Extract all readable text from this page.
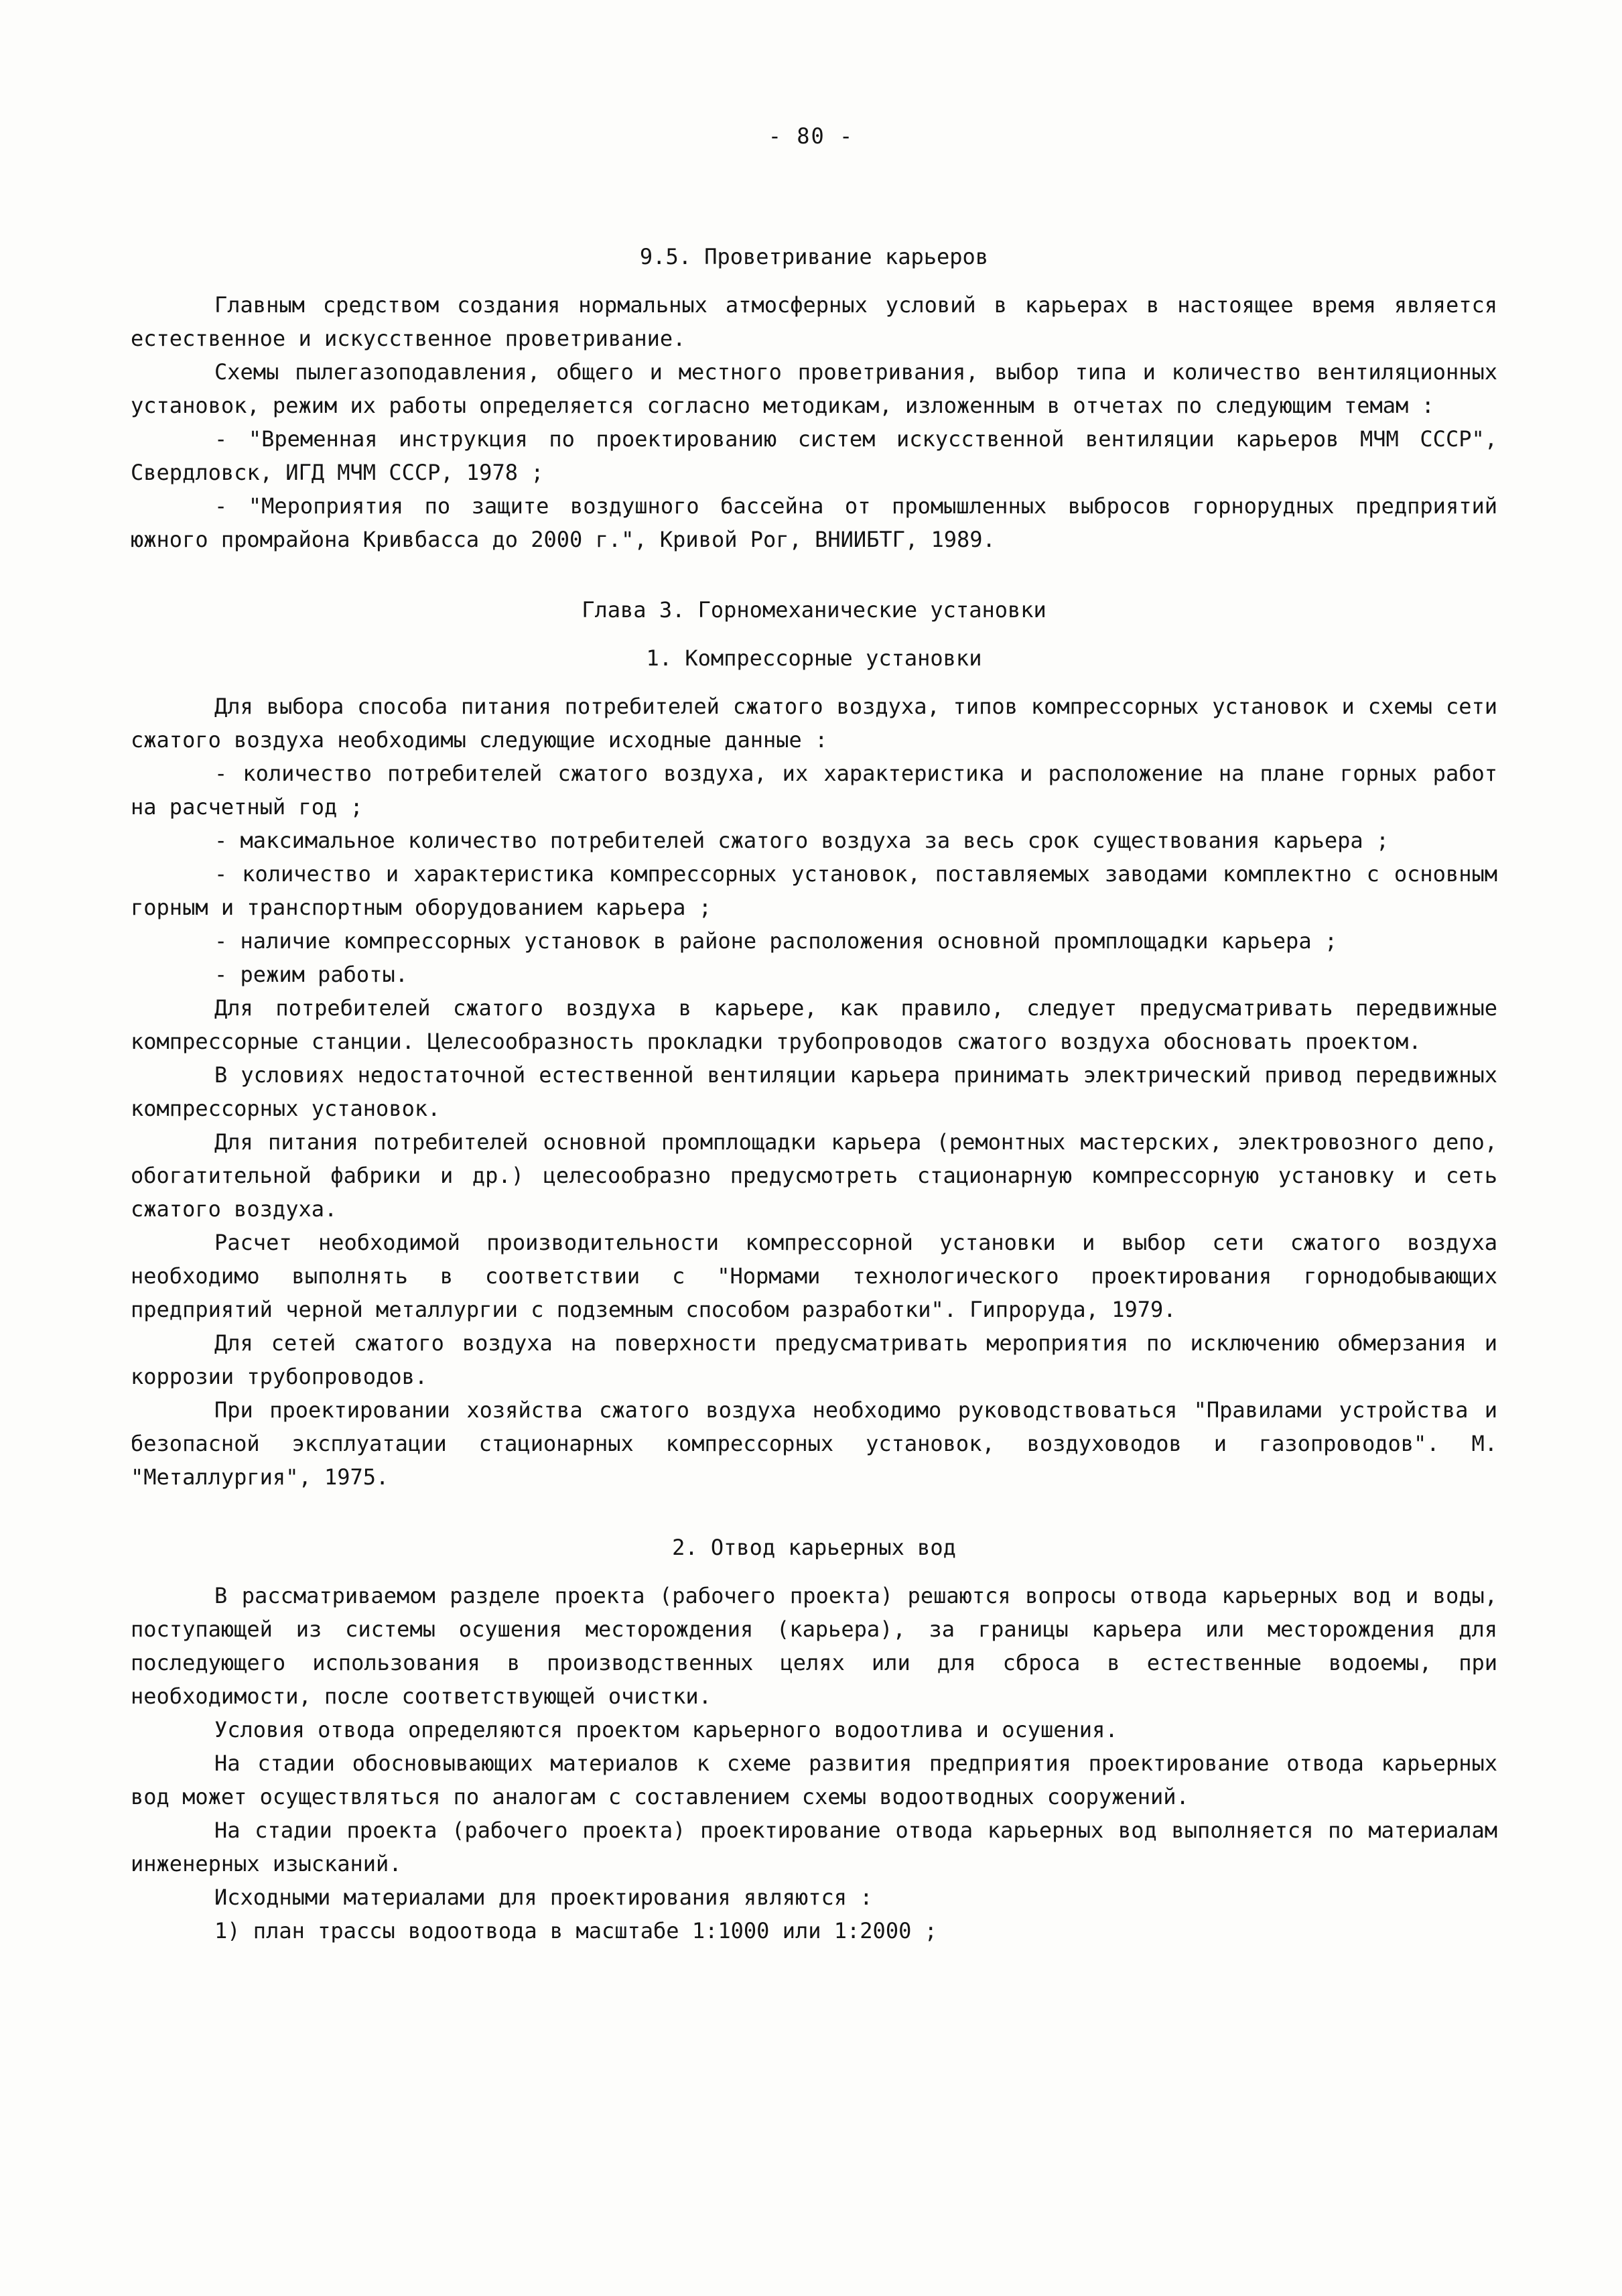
- 80 -
9.5. Проветривание карьеров
Главным средством создания нормальных атмосферных условий в карьерах в настоящее время является естественное и искусственное проветривание.
Схемы пылегазоподавления, общего и местного проветривания, выбор типа и количество вентиляционных установок, режим их работы определяется согласно методикам, изложенным в отчетах по следующим темам :
- "Временная инструкция по проектированию систем искусственной вентиляции карьеров МЧМ СССР", Свердловск, ИГД МЧМ СССР, 1978 ;
- "Мероприятия по защите воздушного бассейна от промышленных выбросов горнорудных предприятий южного промрайона Кривбасса до 2000 г.", Кривой Рог, ВНИИБТГ, 1989.
Глава 3. Горномеханические установки
1. Компрессорные установки
Для выбора способа питания потребителей сжатого воздуха, типов компрессорных установок и схемы сети сжатого воздуха необходимы следующие исходные данные :
- количество потребителей сжатого воздуха, их характеристика и расположение на плане горных работ на расчетный год ;
- максимальное количество потребителей сжатого воздуха за весь срок существования карьера ;
- количество и характеристика компрессорных установок, поставляемых заводами комплектно с основным горным и транспортным оборудованием карьера ;
- наличие компрессорных установок в районе расположения основной промплощадки карьера ;
- режим работы.
Для потребителей сжатого воздуха в карьере, как правило, следует предусматривать передвижные компрессорные станции. Целесообразность прокладки трубопроводов сжатого воздуха обосновать проектом.
В условиях недостаточной естественной вентиляции карьера принимать электрический привод передвижных компрессорных установок.
Для питания потребителей основной промплощадки карьера (ремонтных мастерских, электровозного депо, обогатительной фабрики и др.) целесообразно предусмотреть стационарную компрессорную установку и сеть сжатого воздуха.
Расчет необходимой производительности компрессорной установки и выбор сети сжатого воздуха необходимо выполнять в соответствии с "Нормами технологического проектирования горнодобывающих предприятий черной металлургии с подземным способом разработки". Гипроруда, 1979.
Для сетей сжатого воздуха на поверхности предусматривать мероприятия по исключению обмерзания и коррозии трубопроводов.
При проектировании хозяйства сжатого воздуха необходимо руководствоваться "Правилами устройства и безопасной эксплуатации стационарных компрессорных установок, воздуховодов и газопроводов". М. "Металлургия", 1975.
2. Отвод карьерных вод
В рассматриваемом разделе проекта (рабочего проекта) решаются вопросы отвода карьерных вод и воды, поступающей из системы осушения месторождения (карьера), за границы карьера или месторождения для последующего использования в производственных целях или для сброса в естественные водоемы, при необходимости, после соответствующей очистки.
Условия отвода определяются проектом карьерного водоотлива и осушения.
На стадии обосновывающих материалов к схеме развития предприятия проектирование отвода карьерных вод может осуществляться по аналогам с составлением схемы водоотводных сооружений.
На стадии проекта (рабочего проекта) проектирование отвода карьерных вод выполняется по материалам инженерных изысканий.
Исходными материалами для проектирования являются :
1) план трассы водоотвода в масштабе 1:1000 или 1:2000 ;
